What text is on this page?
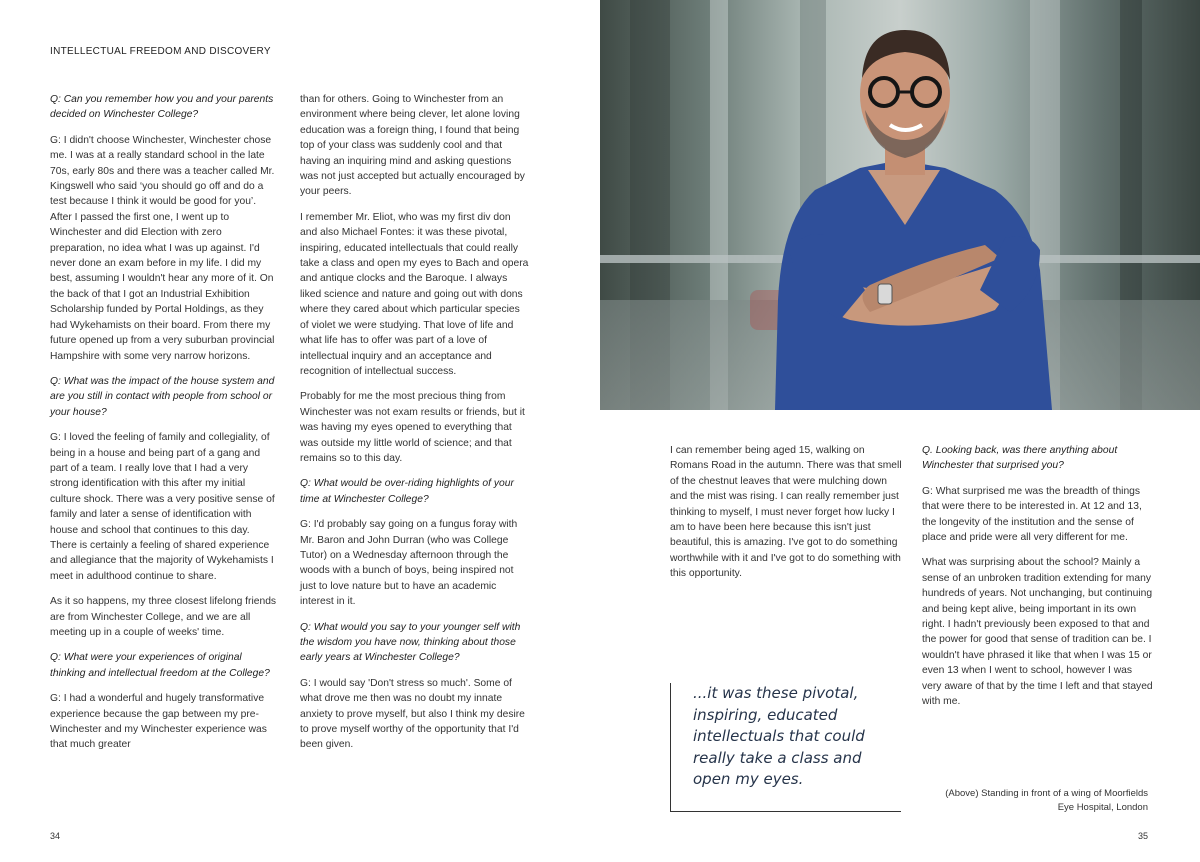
INTELLECTUAL FREEDOM AND DISCOVERY

Q: Can you remember how you and your parents decided on Winchester College?

G: I didn't choose Winchester, Winchester chose me. I was at a really standard school in the late 70s, early 80s and there was a teacher called Mr. Kingswell who said ‘you should go off and do a test because I think it would be good for you’. After I passed the first one, I went up to Winchester and did Election with zero preparation, no idea what I was up against. I'd never done an exam before in my life. I did my best, assuming I wouldn't hear any more of it. On the back of that I got an Industrial Exhibition Scholarship funded by Portal Holdings, as they had Wykehamists on their board. From there my future opened up from a very suburban provincial Hampshire with some very narrow horizons.

Q: What was the impact of the house system and are you still in contact with people from school or your house?

G: I loved the feeling of family and collegiality, of being in a house and being part of a gang and part of a team. I really love that I had a very strong identification with this after my initial culture shock. There was a very positive sense of family and later a sense of identification with house and school that continues to this day. There is certainly a feeling of shared experience and allegiance that the majority of Wykehamists I meet in adulthood continue to share.

As it so happens, my three closest lifelong friends are from Winchester College, and we are all meeting up in a couple of weeks' time.

Q: What were your experiences of original thinking and intellectual freedom at the College?

G: I had a wonderful and hugely transformative experience because the gap between my pre-Winchester and my Winchester experience was that much greater

than for others. Going to Winchester from an environment where being clever, let alone loving education was a foreign thing, I found that being top of your class was suddenly cool and that having an inquiring mind and asking questions was not just accepted but actually encouraged by your peers.

I remember Mr. Eliot, who was my first div don and also Michael Fontes: it was these pivotal, inspiring, educated intellectuals that could really take a class and open my eyes to Bach and opera and antique clocks and the Baroque. I always liked science and nature and going out with dons where they cared about which particular species of violet we were studying. That love of life and what life has to offer was part of a love of intellectual inquiry and an acceptance and recognition of intellectual success.

Probably for me the most precious thing from Winchester was not exam results or friends, but it was having my eyes opened to everything that was outside my little world of science; and that remains so to this day.

Q: What would be over-riding highlights of your time at Winchester College?

G: I'd probably say going on a fungus foray with Mr. Baron and John Durran (who was College Tutor) on a Wednesday afternoon through the woods with a bunch of boys, being inspired not just to love nature but to have an academic interest in it.

Q: What would you say to your younger self with the wisdom you have now, thinking about those early years at Winchester College?

G: I would say 'Don't stress so much'. Some of what drove me then was no doubt my innate anxiety to prove myself, but also I think my desire to prove myself worthy of the opportunity that I'd been given.

34

I can remember being aged 15, walking on Romans Road in the autumn. There was that smell of the chestnut leaves that were mulching down and the mist was rising. I can really remember just thinking to myself, I must never forget how lucky I am to have been here because this isn't just beautiful, this is amazing. I've got to do something worthwhile with it and I've got to do something with this opportunity.

Q. Looking back, was there anything about Winchester that surprised you?

G: What surprised me was the breadth of things that were there to be interested in. At 12 and 13, the longevity of the institution and the sense of place and pride were all very different for me.

What was surprising about the school? Mainly a sense of an unbroken tradition extending for many hundreds of years. Not unchanging, but continuing and being kept alive, being important in its own right. I hadn't previously been exposed to that and the power for good that sense of tradition can be. I wouldn't have phrased it like that when I was 15 or even 13 when I went to school, however I was very aware of that by the time I left and that stayed with me.

...it was these pivotal, inspiring, educated intellectuals that could really take a class and open my eyes.
(Above) Standing in front of a wing of Moorfields Eye Hospital, London
35
